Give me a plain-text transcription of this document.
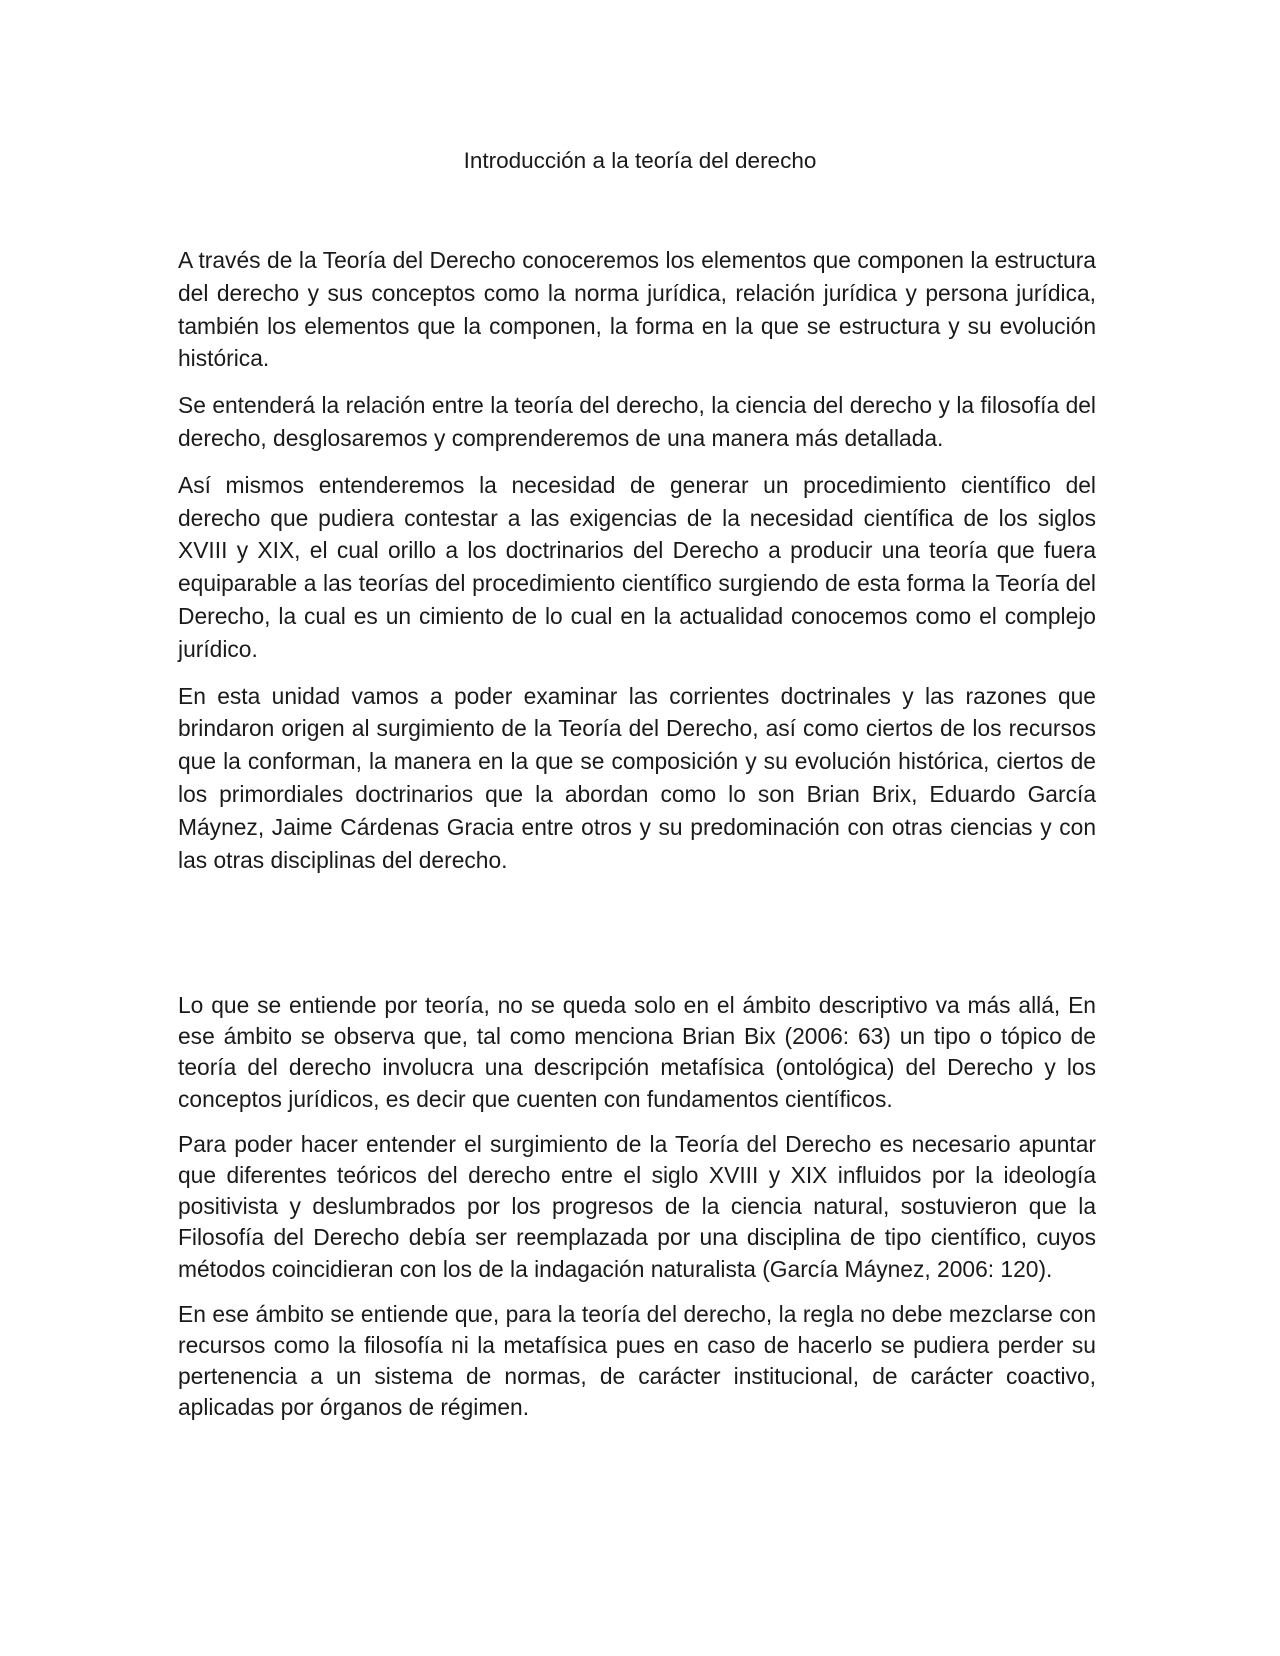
Introducción a la teoría del derecho

A través de la Teoría del Derecho conoceremos los elementos que componen la estructura del derecho y sus conceptos como la norma jurídica, relación jurídica y persona jurídica, también los elementos que la componen, la forma en la que se estructura y su evolución histórica.

Se entenderá la relación entre la teoría del derecho, la ciencia del derecho y la filosofía del derecho, desglosaremos y comprenderemos de una manera más detallada.

Así mismos entenderemos la necesidad de generar un procedimiento científico del derecho que pudiera contestar a las exigencias de la necesidad científica de los siglos XVIII y XIX, el cual orillo a los doctrinarios del Derecho a producir una teoría que fuera equiparable a las teorías del procedimiento científico surgiendo de esta forma la Teoría del Derecho, la cual es un cimiento de lo cual en la actualidad conocemos como el complejo jurídico.

En esta unidad vamos a poder examinar las corrientes doctrinales y las razones que brindaron origen al surgimiento de la Teoría del Derecho, así como ciertos de los recursos que la conforman, la manera en la que se composición y su evolución histórica, ciertos de los primordiales doctrinarios que la abordan como lo son Brian Brix, Eduardo García Máynez, Jaime Cárdenas Gracia entre otros y su predominación con otras ciencias y con las otras disciplinas del derecho.

Lo que se entiende por teoría, no se queda solo en el ámbito descriptivo va más allá, En ese ámbito se observa que, tal como menciona Brian Bix (2006: 63) un tipo o tópico de teoría del derecho involucra una descripción metafísica (ontológica) del Derecho y los conceptos jurídicos, es decir que cuenten con fundamentos científicos.

Para poder hacer entender el surgimiento de la Teoría del Derecho es necesario apuntar que diferentes teóricos del derecho entre el siglo XVIII y XIX influidos por la ideología positivista y deslumbrados por los progresos de la ciencia natural, sostuvieron que la Filosofía del Derecho debía ser reemplazada por una disciplina de tipo científico, cuyos métodos coincidieran con los de la indagación naturalista (García Máynez, 2006: 120).

En ese ámbito se entiende que, para la teoría del derecho, la regla no debe mezclarse con recursos como la filosofía ni la metafísica pues en caso de hacerlo se pudiera perder su pertenencia a un sistema de normas, de carácter institucional, de carácter coactivo, aplicadas por órganos de régimen.
